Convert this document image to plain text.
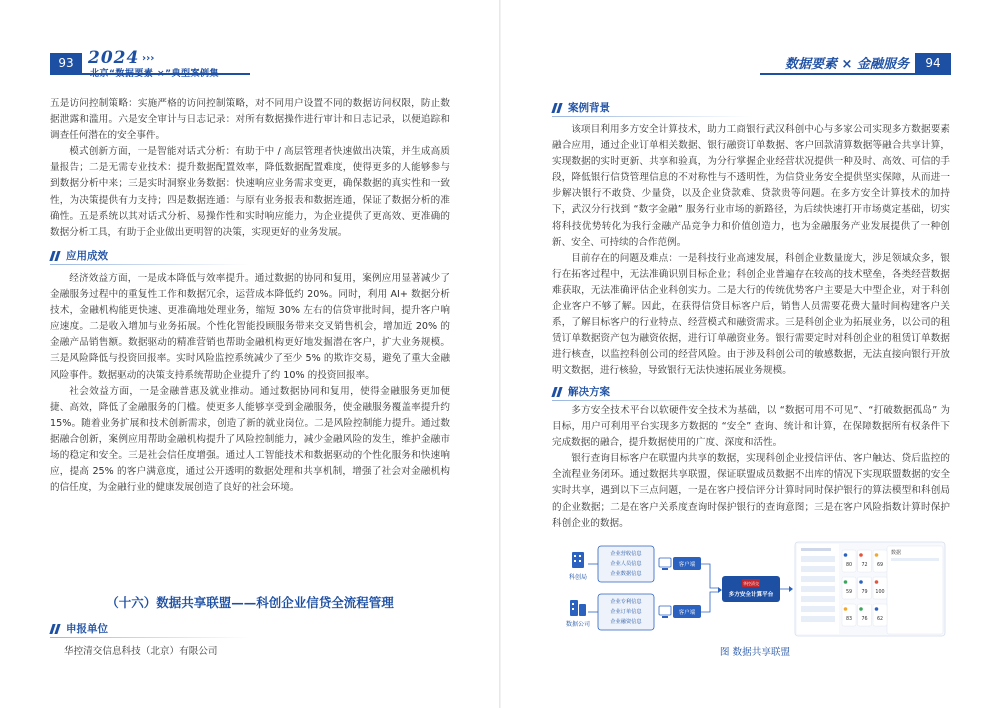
93 2024 ›››	数据要素 × 金融服务	94

五是访问控制策略：实施严格的访问控制策略，对不同用户设置不同的数据访问权限，防止数据泄露和滥用。六是安全审计与日志记录：对所有数据操作进行审计和日志记录，以便追踪和调查任何潜在的安全事件。

模式创新方面，一是智能对话式分析：有助于中 / 高层管理者快速做出决策，并生成高质量报告；二是无需专业技术：提升数据配置效率，降低数据配置难度，使得更多的人能够参与到数据分析中来；三是实时洞察业务数据：快速响应业务需求变更，确保数据的真实性和一致性，为决策提供有力支持；四是数据连通：与原有业务报表和数据连通，保证了数据分析的准确性。五是系统以其对话式分析、易操作性和实时响应能力，为企业提供了更高效、更准确的数据分析工具，有助于企业做出更明智的决策，实现更好的业务发展。

应用成效

经济效益方面，一是成本降低与效率提升。通过数据的协同和复用，案例应用显著减少了金融服务过程中的重复性工作和数据冗余，运营成本降低约 20%。同时，利用 AI+ 数据分析技术，金融机构能更快速、更准确地处理业务，缩短 30% 左右的信贷审批时间，提升客户响应速度。二是收入增加与业务拓展。个性化智能投顾服务带来交叉销售机会，增加近 20% 的金融产品销售额。数据驱动的精准营销也帮助金融机构更好地发掘潜在客户，扩大业务规模。三是风险降低与投资回报率。实时风险监控系统减少了至少 5% 的欺诈交易，避免了重大金融风险事件。数据驱动的决策支持系统帮助企业提升了约 10% 的投资回报率。

社会效益方面，一是金融普惠及就业推动。通过数据协同和复用，使得金融服务更加便捷、高效，降低了金融服务的门槛。使更多人能够享受到金融服务，使金融服务覆盖率提升约 15%。随着业务扩展和技术创新需求，创造了新的就业岗位。二是风险控制能力提升。通过数据融合创新，案例应用帮助金融机构提升了风险控制能力，减少金融风险的发生，维护金融市场的稳定和安全。三是社会信任度增强。通过人工智能技术和数据驱动的个性化服务和快速响应，提高 25% 的客户满意度，通过公开透明的数据处理和共享机制，增强了社会对金融机构的信任度，为金融行业的健康发展创造了良好的社会环境。

（十六）数据共享联盟——科创企业信贷全流程管理
申报单位
华控清交信息科技（北京）有限公司
案例背景

该项目利用多方安全计算技术，助力工商银行武汉科创中心与多家公司实现多方数据要素融合应用，通过企业订单相关数据、银行融资订单数据、客户回款清算数据等融合共享计算，实现数据的实时更新、共享和验真，为分行掌握企业经营状况提供一种及时、高效、可信的手段，降低银行信贷管理信息的不对称性与不透明性，为信贷业务安全提供坚实保障，从而进一步解决银行不敢贷、少量贷，以及企业贷款难、贷款贵等问题。在多方安全计算技术的加持下，武汉分行找到 “数字金融” 服务行业市场的新路径，为后续快速打开市场奠定基础，切实将科技优势转化为我行金融产品竞争力和价值创造力，也为金融服务产业发展提供了一种创新、安全、可持续的合作范例。

目前存在的问题及难点：一是科技行业高速发展，科创企业数量庞大，涉足领域众多，银行在拓客过程中，无法准确识别目标企业；科创企业普遍存在较高的技术壁垒，各类经营数据难获取，无法准确评估企业科创实力。二是大行的传统优势客户主要是大中型企业，对于科创企业客户不够了解。因此，在获得信贷目标客户后，销售人员需要花费大量时间构建客户关系，了解目标客户的行业特点、经营模式和融资需求。三是科创企业为拓展业务，以公司的租赁订单数据资产包为融资依据，进行订单融资业务。银行需要定时对科创企业的租赁订单数据进行核查，以监控科创公司的经营风险。由于涉及科创公司的敏感数据，无法直接向银行开放明文数据，进行核验，导致银行无法快速拓展业务规模。

解决方案

多方安全技术平台以软硬件安全技术为基础，以 “数据可用不可见”、“打破数据孤岛” 为目标，用户可利用平台实现多方数据的 “安全” 查询、统计和计算，在保障数据所有权条件下完成数据的融合，提升数据使用的广度、深度和活性。

银行查询目标客户在联盟内共享的数据，实现科创企业授信评估、客户触达、贷后监控的全流程业务闭环。通过数据共享联盟，保证联盟成员数据不出库的情况下实现联盟数据的安全实时共享，遇到以下三点问题，一是在客户授信评分计算时同时保护银行的算法模型和科创局的企业数据；二是在客户关系度查询时保护银行的查询意图；三是在客户风险指数计算时保护科创企业的数据。

科创局
数据公司
企业营收信息
企业人员信息
企业数据信息
企业专利信息
企业订单信息
企业融资信息
客户端
客户端
华控清交
多方安全计算平台
数据
80 72 69
59 79 100
83 76 62
图 数据共享联盟
